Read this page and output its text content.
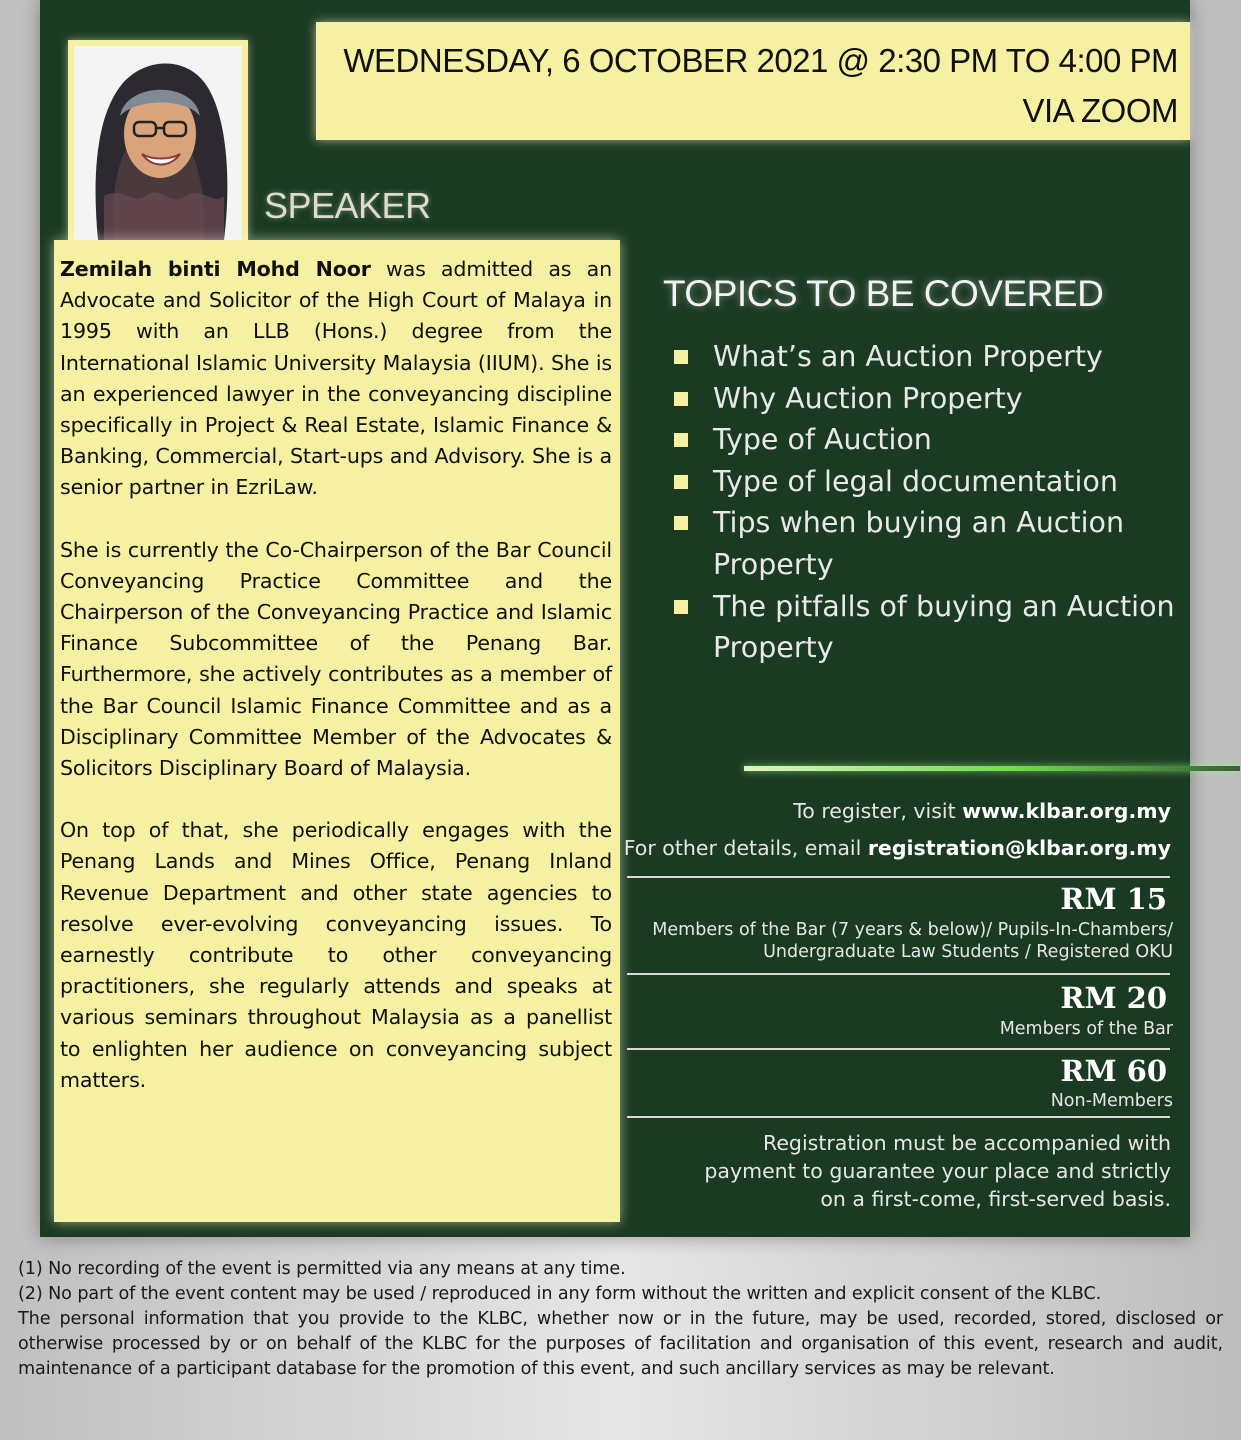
WEDNESDAY, 6 OCTOBER 2021 @ 2:30 PM TO 4:00 PM
VIA ZOOM
SPEAKER

Zemilah binti Mohd Noor was admitted as an Advocate and Solicitor of the High Court of Malaya in 1995 with an LLB (Hons.) degree from the International Islamic University Malaysia (IIUM). She is an experienced lawyer in the conveyancing discipline specifically in Project & Real Estate, Islamic Finance & Banking, Commercial, Start-ups and Advisory. She is a senior partner in EzriLaw.

She is currently the Co-Chairperson of the Bar Council Conveyancing Practice Committee and the Chairperson of the Conveyancing Practice and Islamic Finance Subcommittee of the Penang Bar. Furthermore, she actively contributes as a member of the Bar Council Islamic Finance Committee and as a Disciplinary Committee Member of the Advocates & Solicitors Disciplinary Board of Malaysia.

On top of that, she periodically engages with the Penang Lands and Mines Office, Penang Inland Revenue Department and other state agencies to resolve ever-evolving conveyancing issues. To earnestly contribute to other conveyancing practitioners, she regularly attends and speaks at various seminars throughout Malaysia as a panellist to enlighten her audience on conveyancing subject matters.

TOPICS TO BE COVERED
What’s an Auction Property
Why Auction Property
Type of Auction
Type of legal documentation
Tips when buying an Auction Property
The pitfalls of buying an Auction Property
To register, visit www.klbar.org.my
For other details, email registration@klbar.org.my
RM 15
Members of the Bar (7 years & below)/ Pupils-In-Chambers/
Undergraduate Law Students / Registered OKU
RM 20
Members of the Bar
RM 60
Non-Members
Registration must be accompanied with
payment to guarantee your place and strictly
on a first-come, first-served basis.

(1) No recording of the event is permitted via any means at any time.

(2) No part of the event content may be used / reproduced in any form without the written and explicit consent of the KLBC.

The personal information that you provide to the KLBC, whether now or in the future, may be used, recorded, stored, disclosed or otherwise processed by or on behalf of the KLBC for the purposes of facilitation and organisation of this event, research and audit, maintenance of a participant database for the promotion of this event, and such ancillary services as may be relevant.
